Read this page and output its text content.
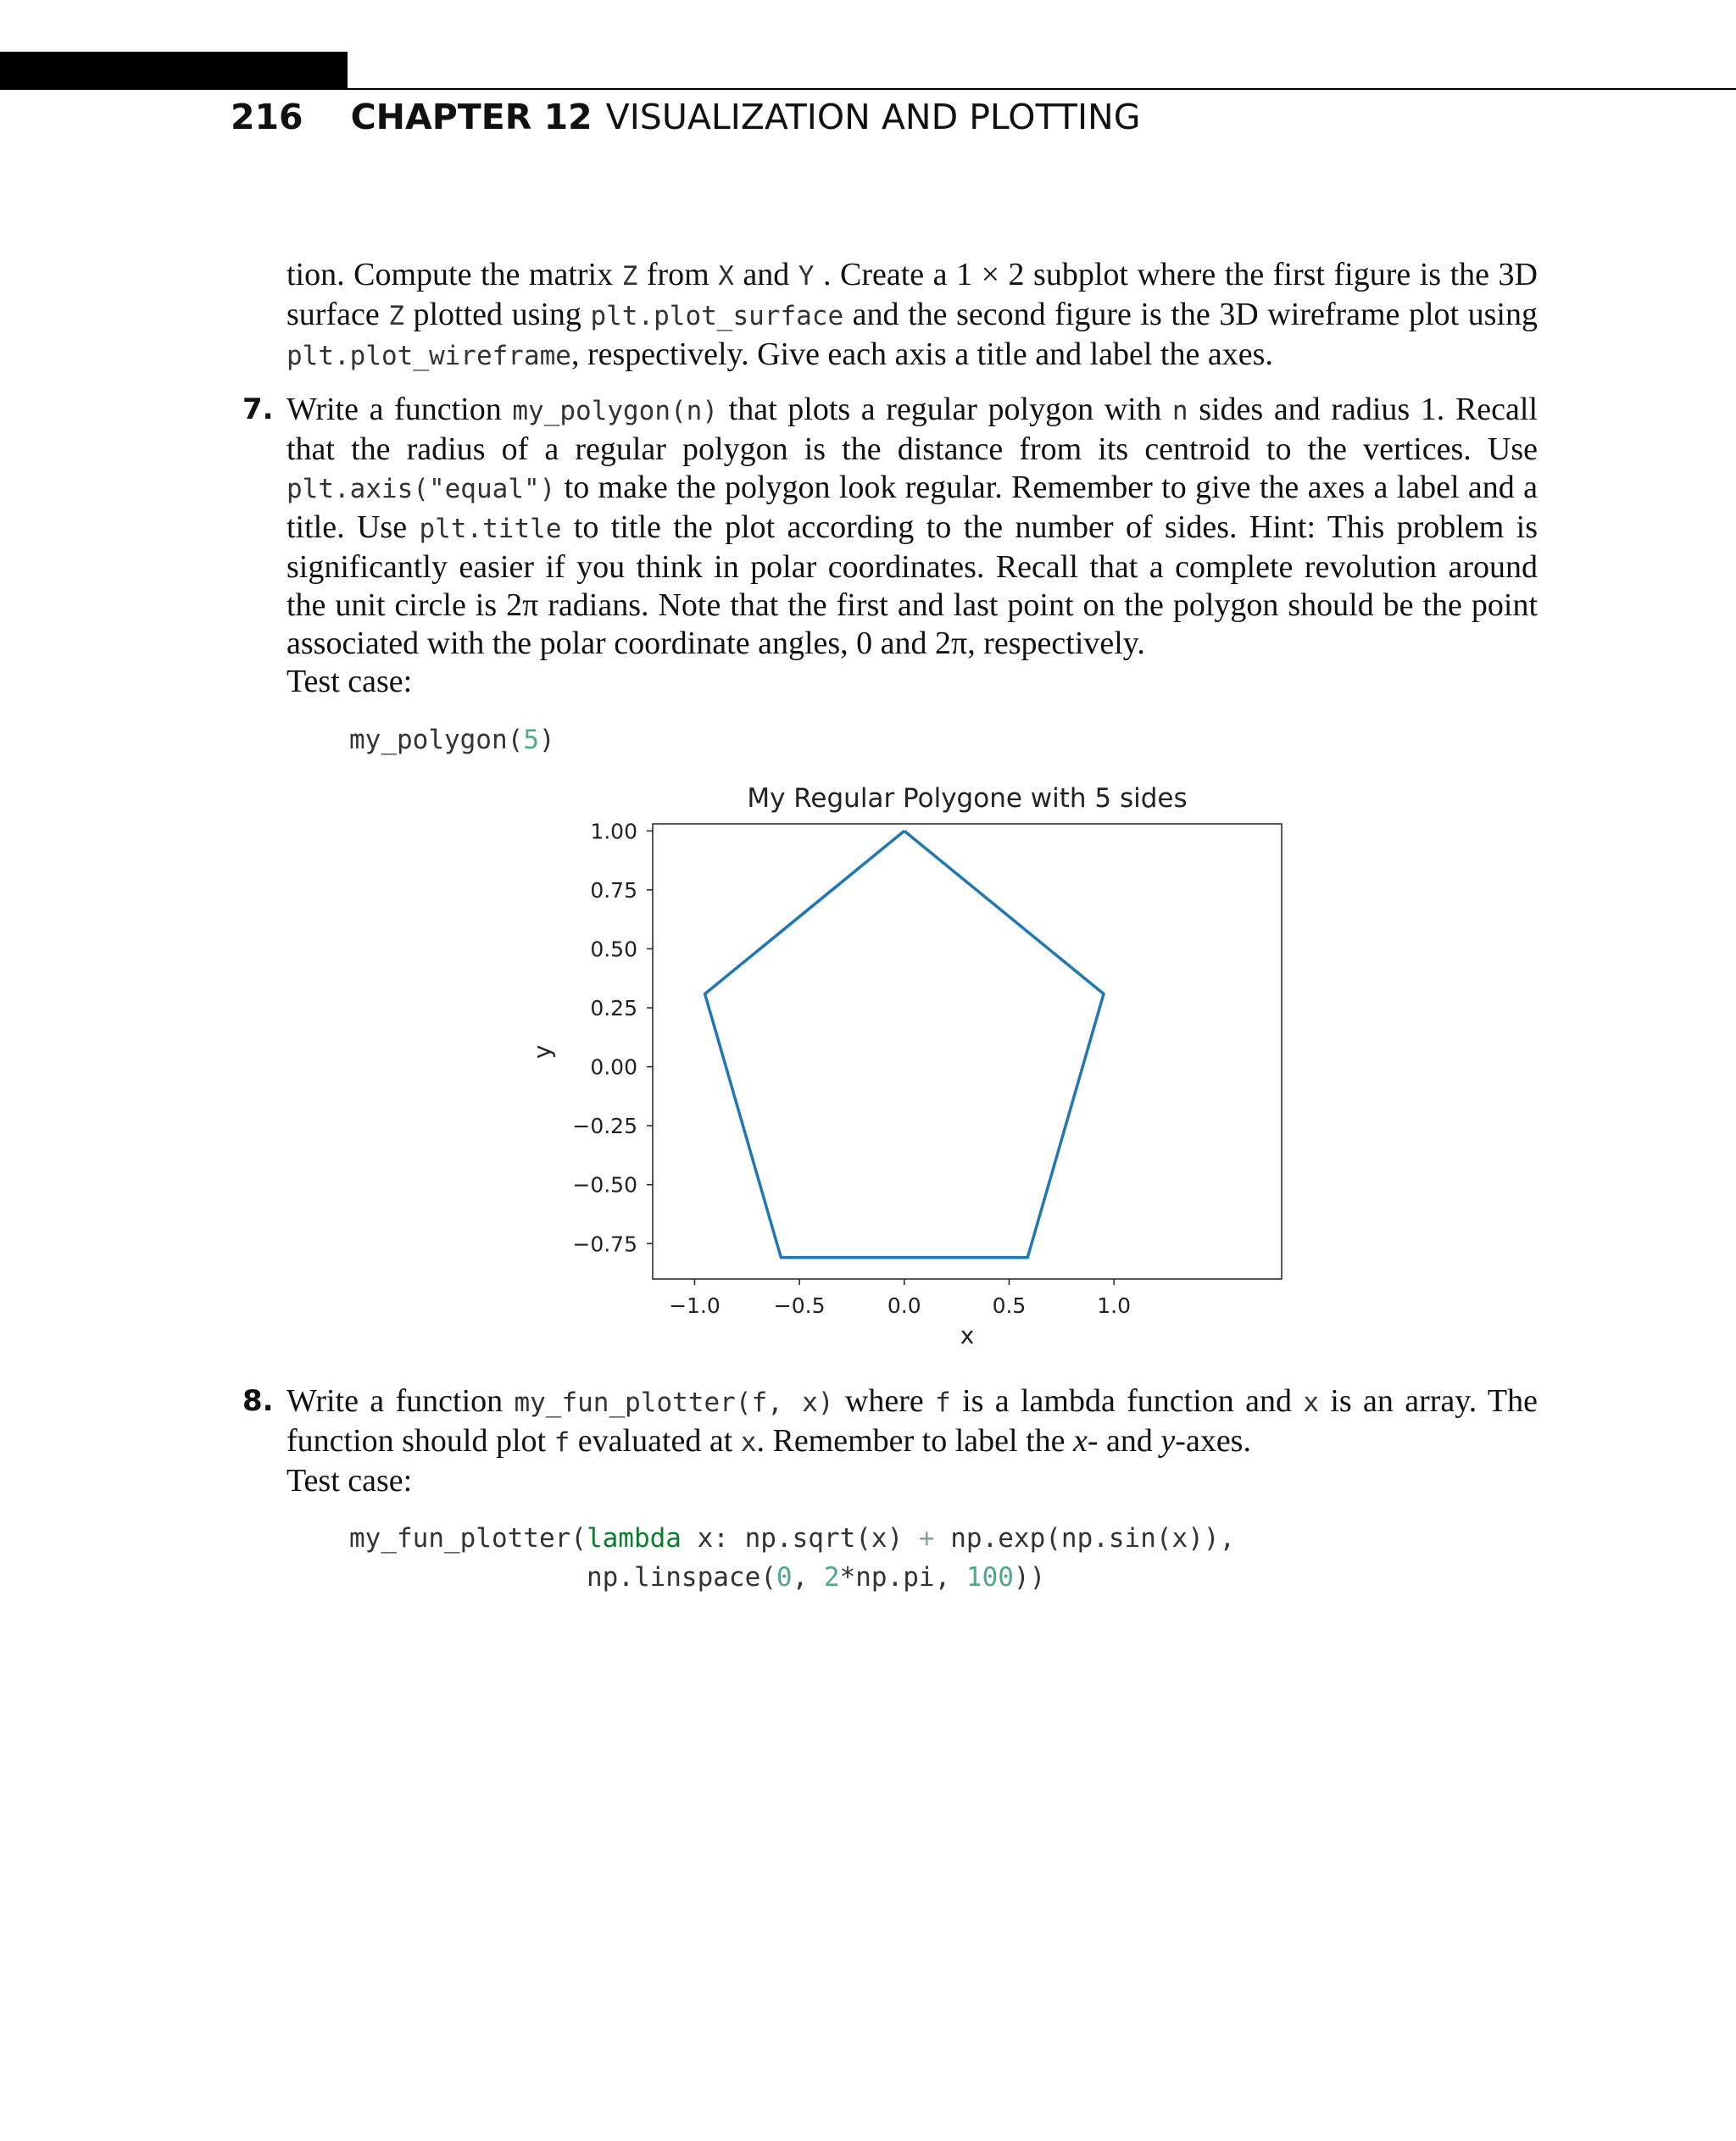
216 CHAPTER 12 VISUALIZATION AND PLOTTING
tion. Compute the matrix Z from X and Y . Create a 1 × 2 subplot where the first figure is the 3D surface Z plotted using plt.plot_surface and the second figure is the 3D wireframe plot using plt.plot_wireframe, respectively. Give each axis a title and label the axes.
7. Write a function my_polygon(n) that plots a regular polygon with n sides and radius 1. Recall that the radius of a regular polygon is the distance from its centroid to the vertices. Use plt.axis("equal") to make the polygon look regular. Remember to give the axes a label and a title. Use plt.title to title the plot according to the number of sides. Hint: This problem is significantly easier if you think in polar coordinates. Recall that a complete revolution around the unit circle is 2π radians. Note that the first and last point on the polygon should be the point associated with the polar coordinate angles, 0 and 2π, respectively.
Test case:
my_polygon(5)
My Regular Polygone with 5 sides
−1.0	−0.5	0.0	0.5	1.0
1.00
0.75
0.50
0.25
0.00
−0.25
−0.50
−0.75
x
y
8. Write a function my_fun_plotter(f, x) where f is a lambda function and x is an array. The function should plot f evaluated at x. Remember to label the x- and y-axes.
Test case:
my_fun_plotter(lambda x: np.sqrt(x) + np.exp(np.sin(x)),
np.linspace(0, 2*np.pi, 100))
